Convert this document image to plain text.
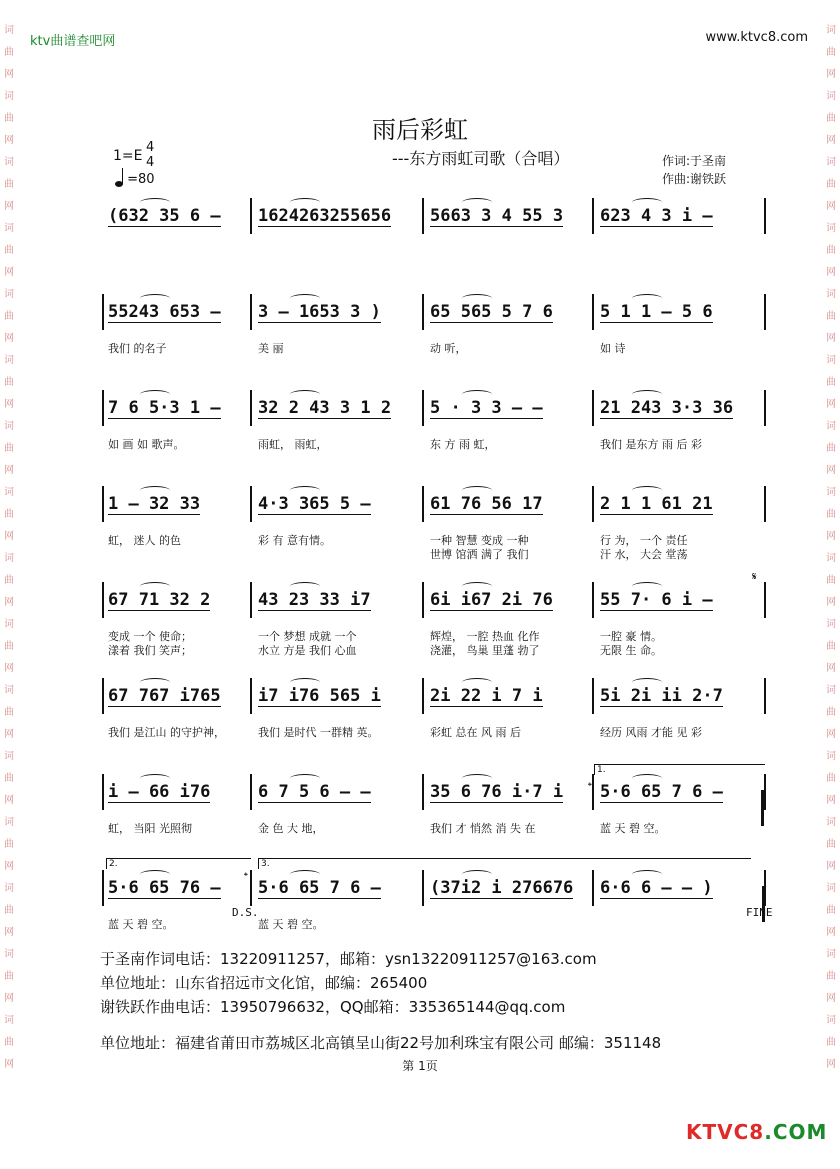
词曲网词曲网词曲网词曲网词曲网词曲网词曲网词曲网词曲网词曲网词曲网词曲网词曲网词曲网词曲网词曲网
词曲网词曲网词曲网词曲网词曲网词曲网词曲网词曲网词曲网词曲网词曲网词曲网词曲网词曲网词曲网词曲网
ktv曲谱查吧网	www.ktvc8.com
雨后彩虹
---东方雨虹司歌（合唱）	作词:于圣南
作曲:谢铁跃
1=E
4
4
=80
(632 35 6 – 1624263255656 5663 3 4 55 3 623 4 3 i –
55243 653 – 3 – 1653 3 )	65 565 5 7 6	5 1 1 – 5 6
我们 的名子	美 丽	动 听，	如 诗
7 6 5·3 1 – 32 2 43 3 1 2 5 · 3 3 – –	21 243 3·3 36
如 画 如 歌声。	雨虹， 雨虹，	东 方 雨 虹，	我们 是东方 雨 后 彩
1 – 32 33	4·3 365 5 –	61 76 56 17	2 1 1 61 21
虹， 迷人 的色	彩 有 意有情。	一种 智慧 变成 一种	行 为， 一个 责任
世博 馆洒 满了 我们	汗 水， 大会 堂荡
67 71 32 2	43 23 33 i7	6i i67 2i 76	55 7· 6 i –
变成 一个 使命；	一个 梦想 成就 一个	辉煌， 一腔 热血 化作	一腔 豪 情。
漾着 我们 笑声；	水立 方是 我们 心血	浇灌， 鸟巢 里蓬 勃了	无限 生 命。
67 767 i765 i7 i76 565 i	2i 22 i 7 i	5i 2i ii 2·7
我们 是江山 的守护神，	我们 是时代 一群精 英。	彩虹 总在 风 雨 后	经历 风雨 才能 见 彩
i – 66 i76	6 7 5 6 – –	35 6 76 i·7 i 5·6 65 7 6 –
虹， 当阳 光照彻	金 色 大 地，	我们 才 悄然 消 失 在	蓝 天 碧 空。
5·6 65 76 – 5·6 65 7 6 –	(37i2 i 276676 6·6 6 – – )
蓝 天 碧 空。	蓝 天 碧 空。
于圣南作词电话：13220911257，邮箱：ysn13220911257@163.com
单位地址：山东省招远市文化馆，邮编：265400
谢铁跃作曲电话：13950796632，QQ邮箱：335365144@qq.com
单位地址：福建省莆田市荔城区北高镇呈山街22号加利珠宝有限公司 邮编：351148
第 1页
KTVC8.COM
1.
2.	3.
D.S.	FINE
𝄋
𝄌
𝄌
